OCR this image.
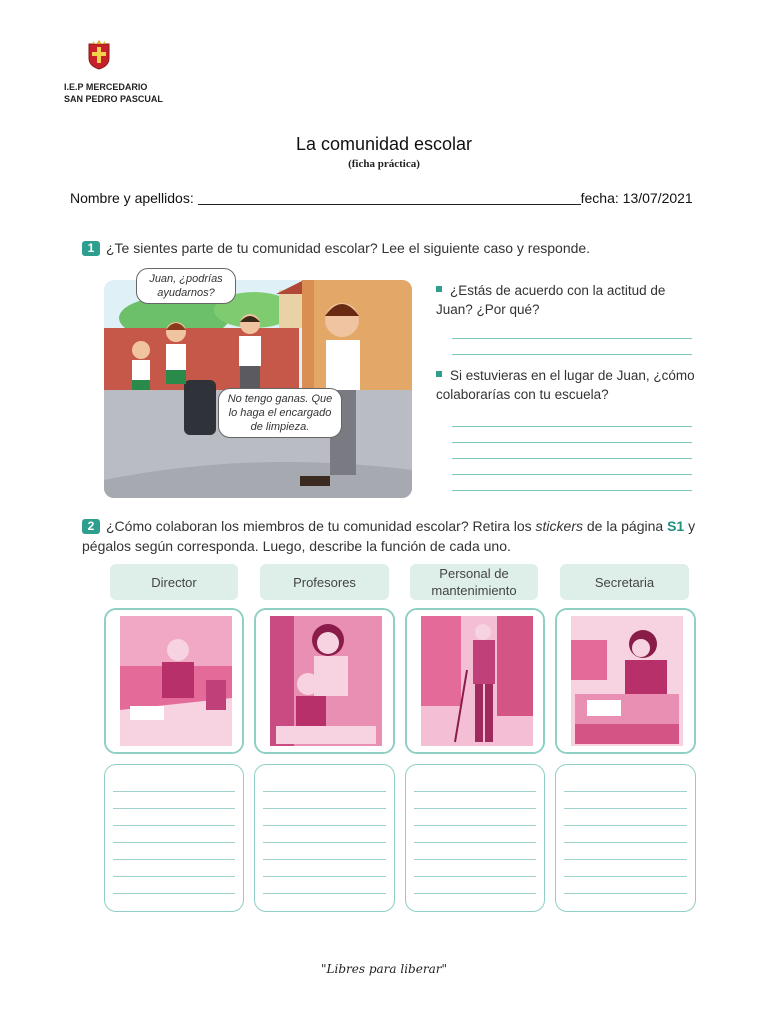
I.E.P MERCEDARIO
SAN PEDRO PASCUAL
La comunidad escolar
(ficha práctica)
Nombre y apellidos:	fecha: 13/07/2021
1 ¿Te sientes parte de tu comunidad escolar? Lee el siguiente caso y responde.
Juan, ¿podrías ayudarnos?
No tengo ganas. Que lo haga el encargado de limpieza.
¿Estás de acuerdo con la actitud de Juan? ¿Por qué?
Si estuvieras en el lugar de Juan, ¿cómo colaborarías con tu escuela?
2 ¿Cómo colaboran los miembros de tu comunidad escolar? Retira los stickers de la página S1 y pégalos según corresponda. Luego, describe la función de cada uno.
Director	Profesores
Personal de mantenimiento
Secretaria
"Libres para liberar"
